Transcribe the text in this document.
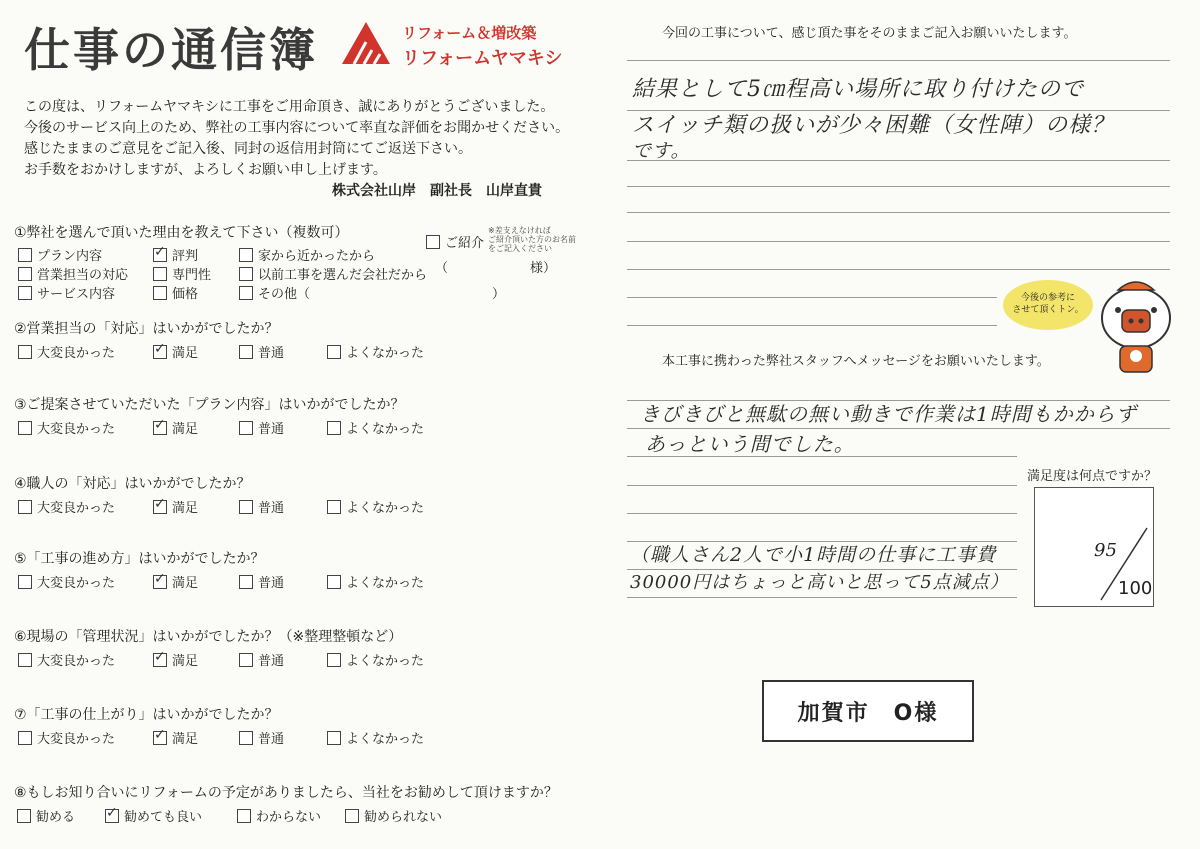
仕事の通信簿	リフォーム＆増改築
リフォームヤマキシ
この度は、リフォームヤマキシに工事をご用命頂き、誠にありがとうございました。
今後のサービス向上のため、弊社の工事内容について率直な評価をお聞かせください。
感じたままのご意見をご記入後、同封の返信用封筒にてご返送下さい。
お手数をおかけしますが、よろしくお願い申し上げます。
株式会社山岸　副社長　山岸直貴
①弊社を選んで頂いた理由を教えて下さい（複数可）
プラン内容 ✓	評判	家から近かったから
営業担当の対応	専門性	以前工事を選んだ会社だから
サービス内容	価格	その他（	）
ご紹介
※差支えなければ
ご紹介頂いた方のお名前
をご記入ください
（	様）
②営業担当の「対応」はいかがでしたか？
大変良かった ✓	満足	普通	よくなかった
③ご提案させていただいた「プラン内容」はいかがでしたか？
大変良かった ✓	満足	普通	よくなかった
④職人の「対応」はいかがでしたか？
大変良かった ✓	満足	普通	よくなかった
⑤「工事の進め方」はいかがでしたか？
大変良かった ✓	満足	普通	よくなかった
⑥現場の「管理状況」はいかがでしたか？（※整理整頓など）
大変良かった ✓	満足	普通	よくなかった
⑦「工事の仕上がり」はいかがでしたか？
大変良かった ✓	満足	普通	よくなかった
⑧もしお知り合いにリフォームの予定がありましたら、当社をお勧めして頂けますか？
勧める ✓	勧めても良い	わからない	勧められない
今回の工事について、感じ頂た事をそのままご記入お願いいたします。
結果として5㎝程高い場所に取り付けたので
スイッチ類の扱いが少々困難（女性陣）の様？
です。
今後の参考に
させて頂くトン。
本工事に携わった弊社スタッフへメッセージをお願いいたします。
きびきびと無駄の無い動きで作業は1時間もかからず
あっという間でした。
（職人さん2人で小1時間の仕事に工事費
30000円はちょっと高いと思って5点減点）
満足度は何点ですか？
95
100
加賀市　O様
